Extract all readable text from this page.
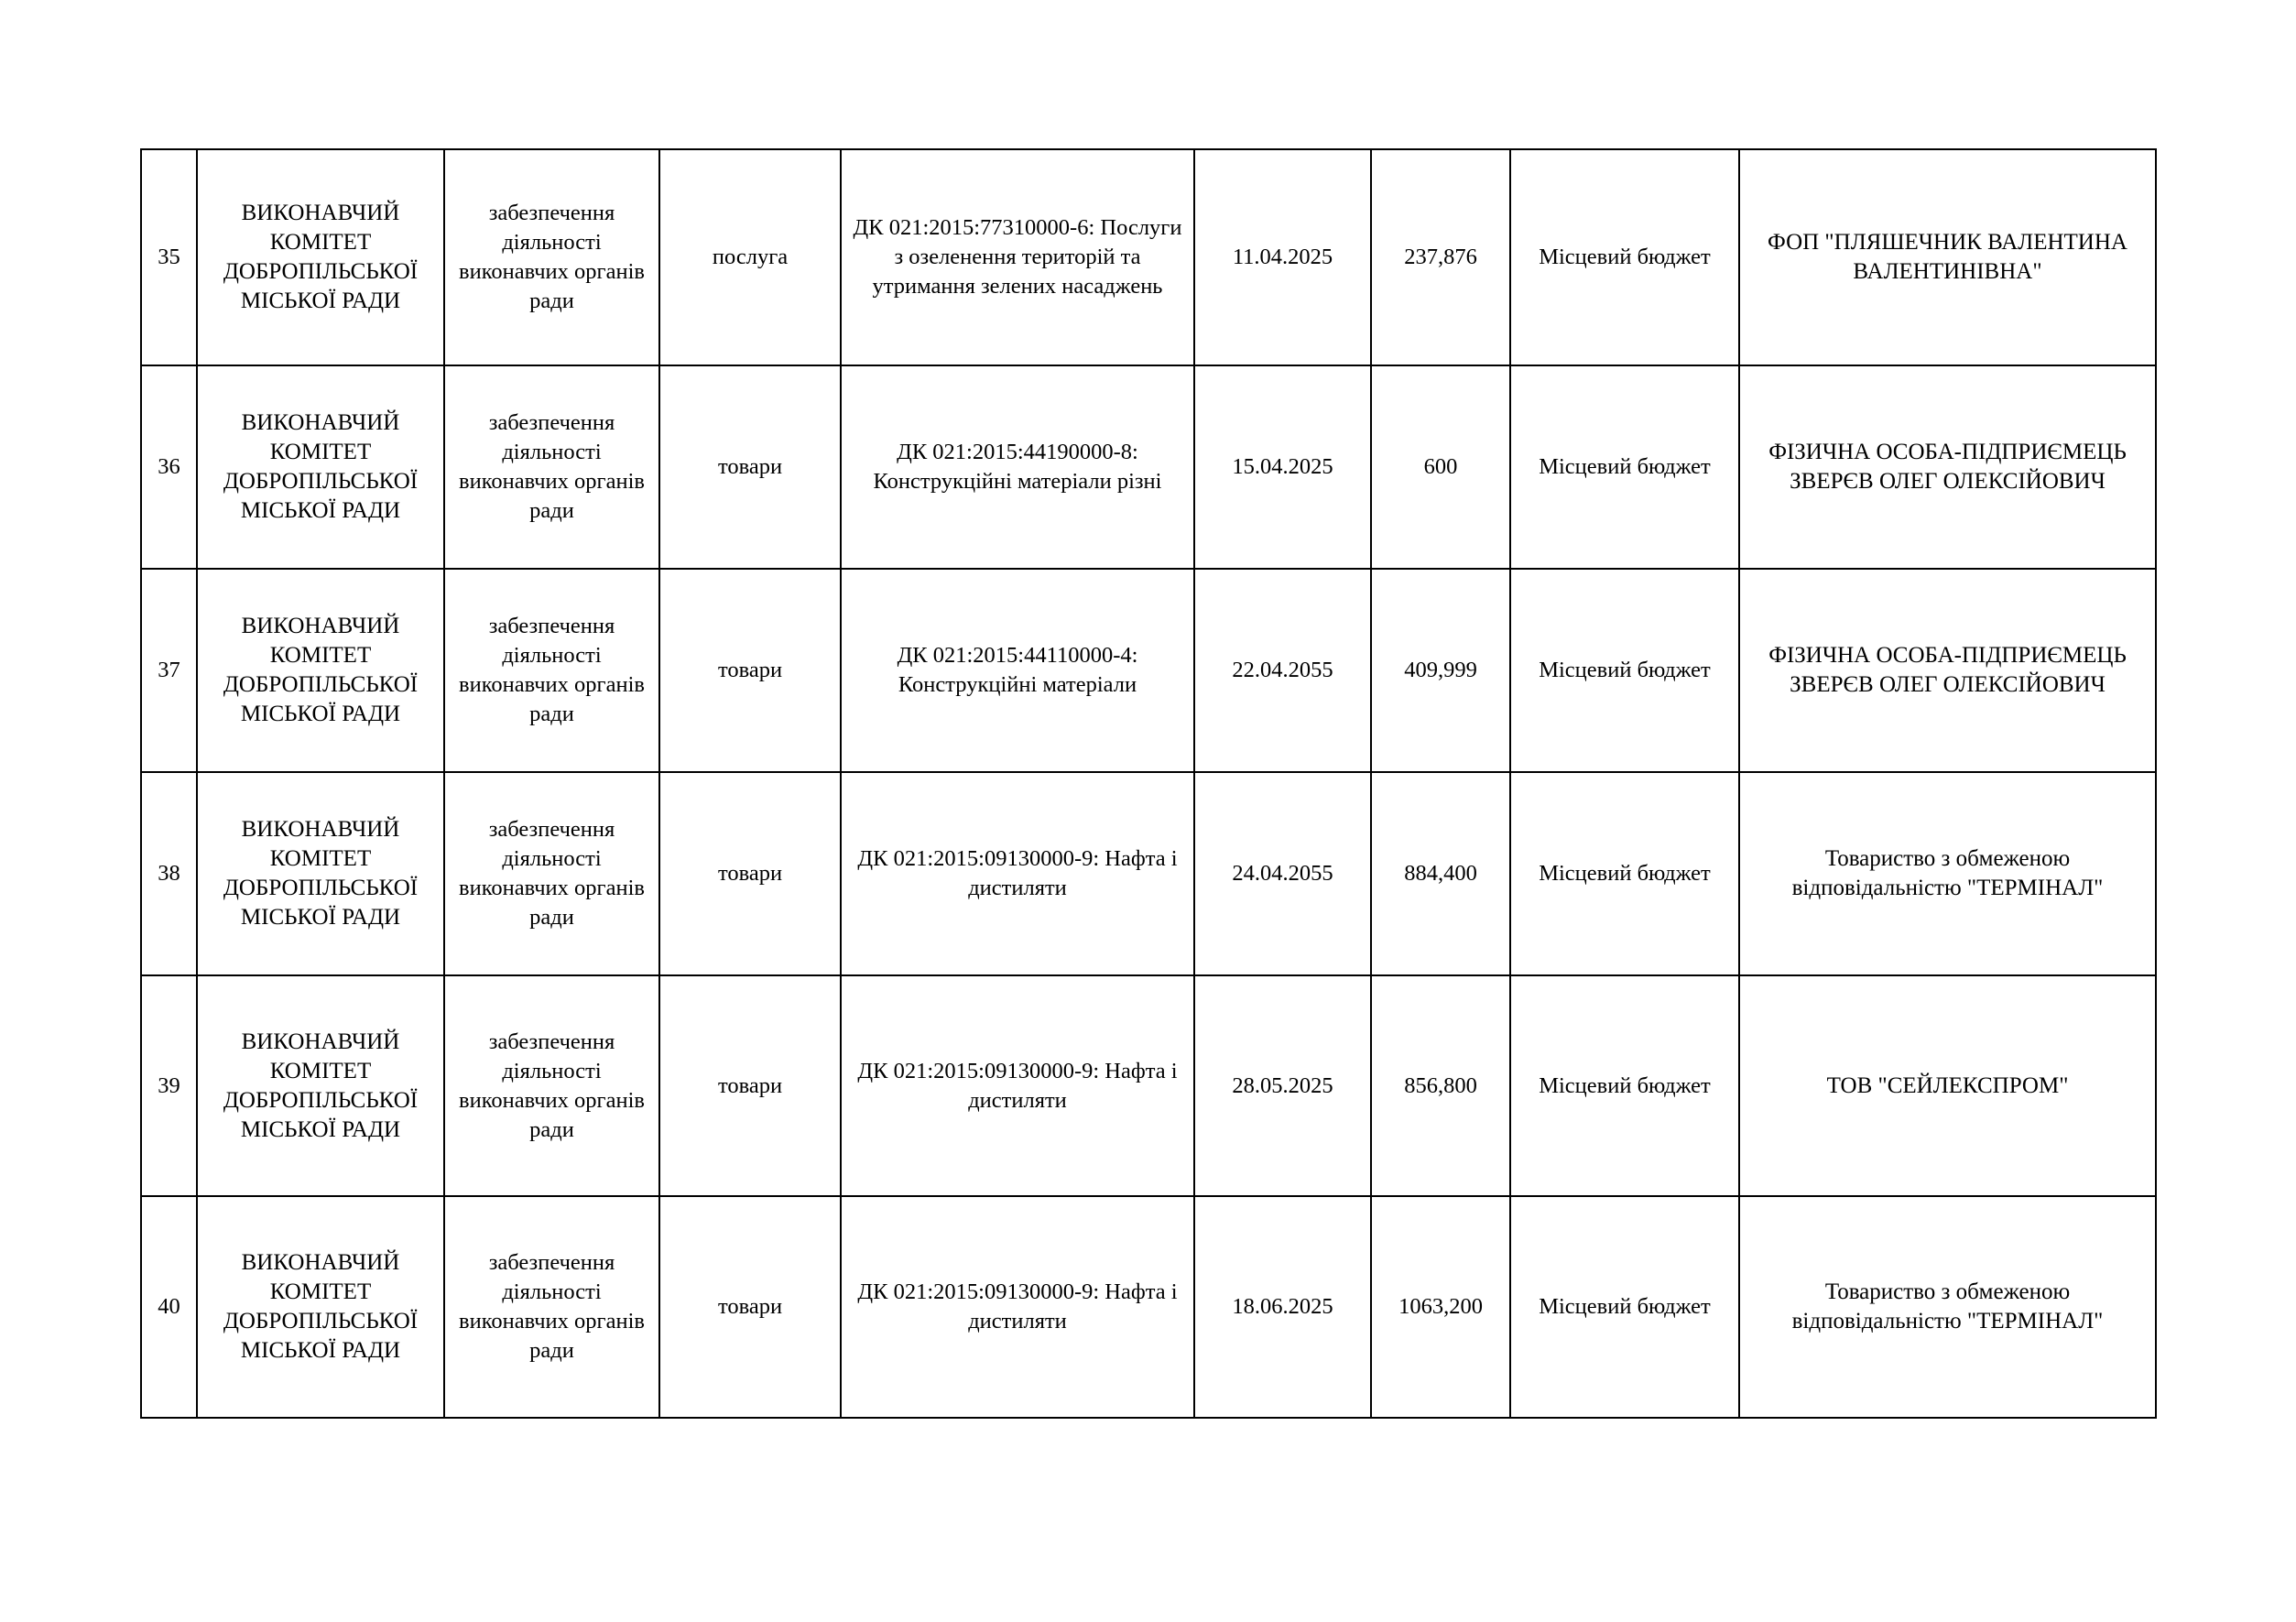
35	ВИКОНАВЧИЙ КОМІТЕТ ДОБРОПІЛЬСЬКОЇ МІСЬКОЇ РАДИ	забезпечення діяльності виконавчих органів ради	послуга	ДК 021:2015:77310000-6: Послуги з озеленення територій та утримання зелених насаджень	11.04.2025	237,876	Місцевий бюджет	ФОП "ПЛЯШЕЧНИК ВАЛЕНТИНА ВАЛЕНТИНІВНА"
36	ВИКОНАВЧИЙ КОМІТЕТ ДОБРОПІЛЬСЬКОЇ МІСЬКОЇ РАДИ	забезпечення діяльності виконавчих органів ради	товари	ДК 021:2015:44190000-8: Конструкційні матеріали різні	15.04.2025	600	Місцевий бюджет	ФІЗИЧНА ОСОБА-ПІДПРИЄМЕЦЬ ЗВЕРЄВ ОЛЕГ ОЛЕКСІЙОВИЧ
37	ВИКОНАВЧИЙ КОМІТЕТ ДОБРОПІЛЬСЬКОЇ МІСЬКОЇ РАДИ	забезпечення діяльності виконавчих органів ради	товари	ДК 021:2015:44110000-4: Конструкційні матеріали	22.04.2055	409,999	Місцевий бюджет	ФІЗИЧНА ОСОБА-ПІДПРИЄМЕЦЬ ЗВЕРЄВ ОЛЕГ ОЛЕКСІЙОВИЧ
38	ВИКОНАВЧИЙ КОМІТЕТ ДОБРОПІЛЬСЬКОЇ МІСЬКОЇ РАДИ	забезпечення діяльності виконавчих органів ради	товари	ДК 021:2015:09130000-9: Нафта і дистиляти	24.04.2055	884,400	Місцевий бюджет	Товариство з обмеженою відповідальністю "ТЕРМІНАЛ"
39	ВИКОНАВЧИЙ КОМІТЕТ ДОБРОПІЛЬСЬКОЇ МІСЬКОЇ РАДИ	забезпечення діяльності виконавчих органів ради	товари	ДК 021:2015:09130000-9: Нафта і дистиляти	28.05.2025	856,800	Місцевий бюджет	ТОВ "СЕЙЛЕКСПРОМ"
40	ВИКОНАВЧИЙ КОМІТЕТ ДОБРОПІЛЬСЬКОЇ МІСЬКОЇ РАДИ	забезпечення діяльності виконавчих органів ради	товари	ДК 021:2015:09130000-9: Нафта і дистиляти	18.06.2025	1063,200	Місцевий бюджет	Товариство з обмеженою відповідальністю "ТЕРМІНАЛ"
